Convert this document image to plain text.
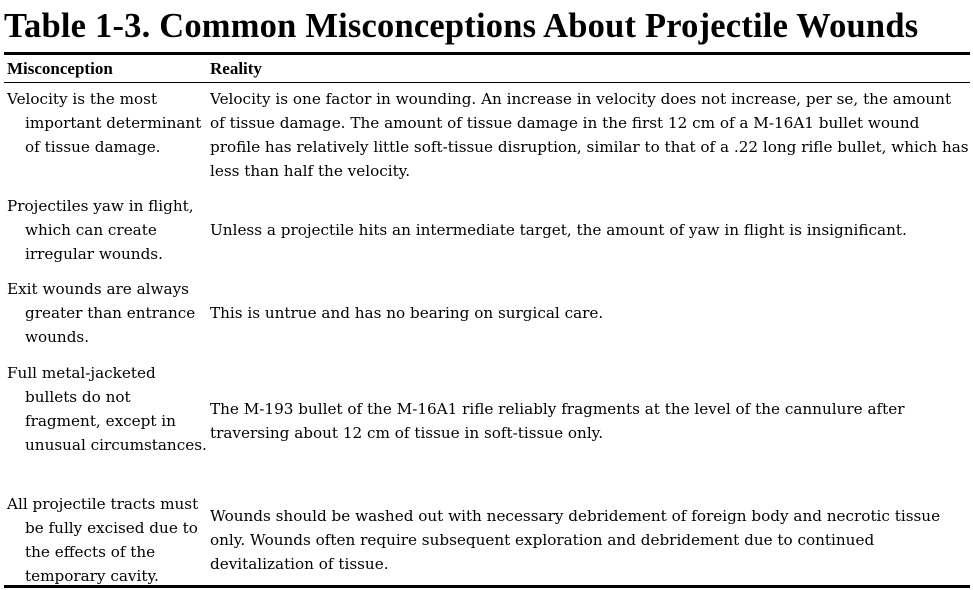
Table 1-3. Common Misconceptions About Projectile Wounds
Misconception	Reality
Velocity is the most important determinant of tissue damage.
Velocity is one factor in wounding. An increase in velocity does not increase, per se, the amount of tissue damage. The amount of tissue damage in the first 12 cm of a M-16A1 bullet wound profile has relatively little soft-tissue disruption, similar to that of a .22 long rifle bullet, which has less than half the velocity.
Projectiles yaw in flight, which can create irregular wounds.
Unless a projectile hits an intermediate target, the amount of yaw in flight is insignificant.
Exit wounds are always greater than entrance wounds.
This is untrue and has no bearing on surgical care.
Full metal-jacketed bullets do not fragment, except in unusual circumstances.
The M-193 bullet of the M-16A1 rifle reliably fragments at the level of the cannulure after traversing about 12 cm of tissue in soft-tissue only.
All projectile tracts must be fully excised due to the effects of the temporary cavity.
Wounds should be washed out with necessary debridement of foreign body and necrotic tissue only. Wounds often require subsequent exploration and debridement due to continued devitalization of tissue.
